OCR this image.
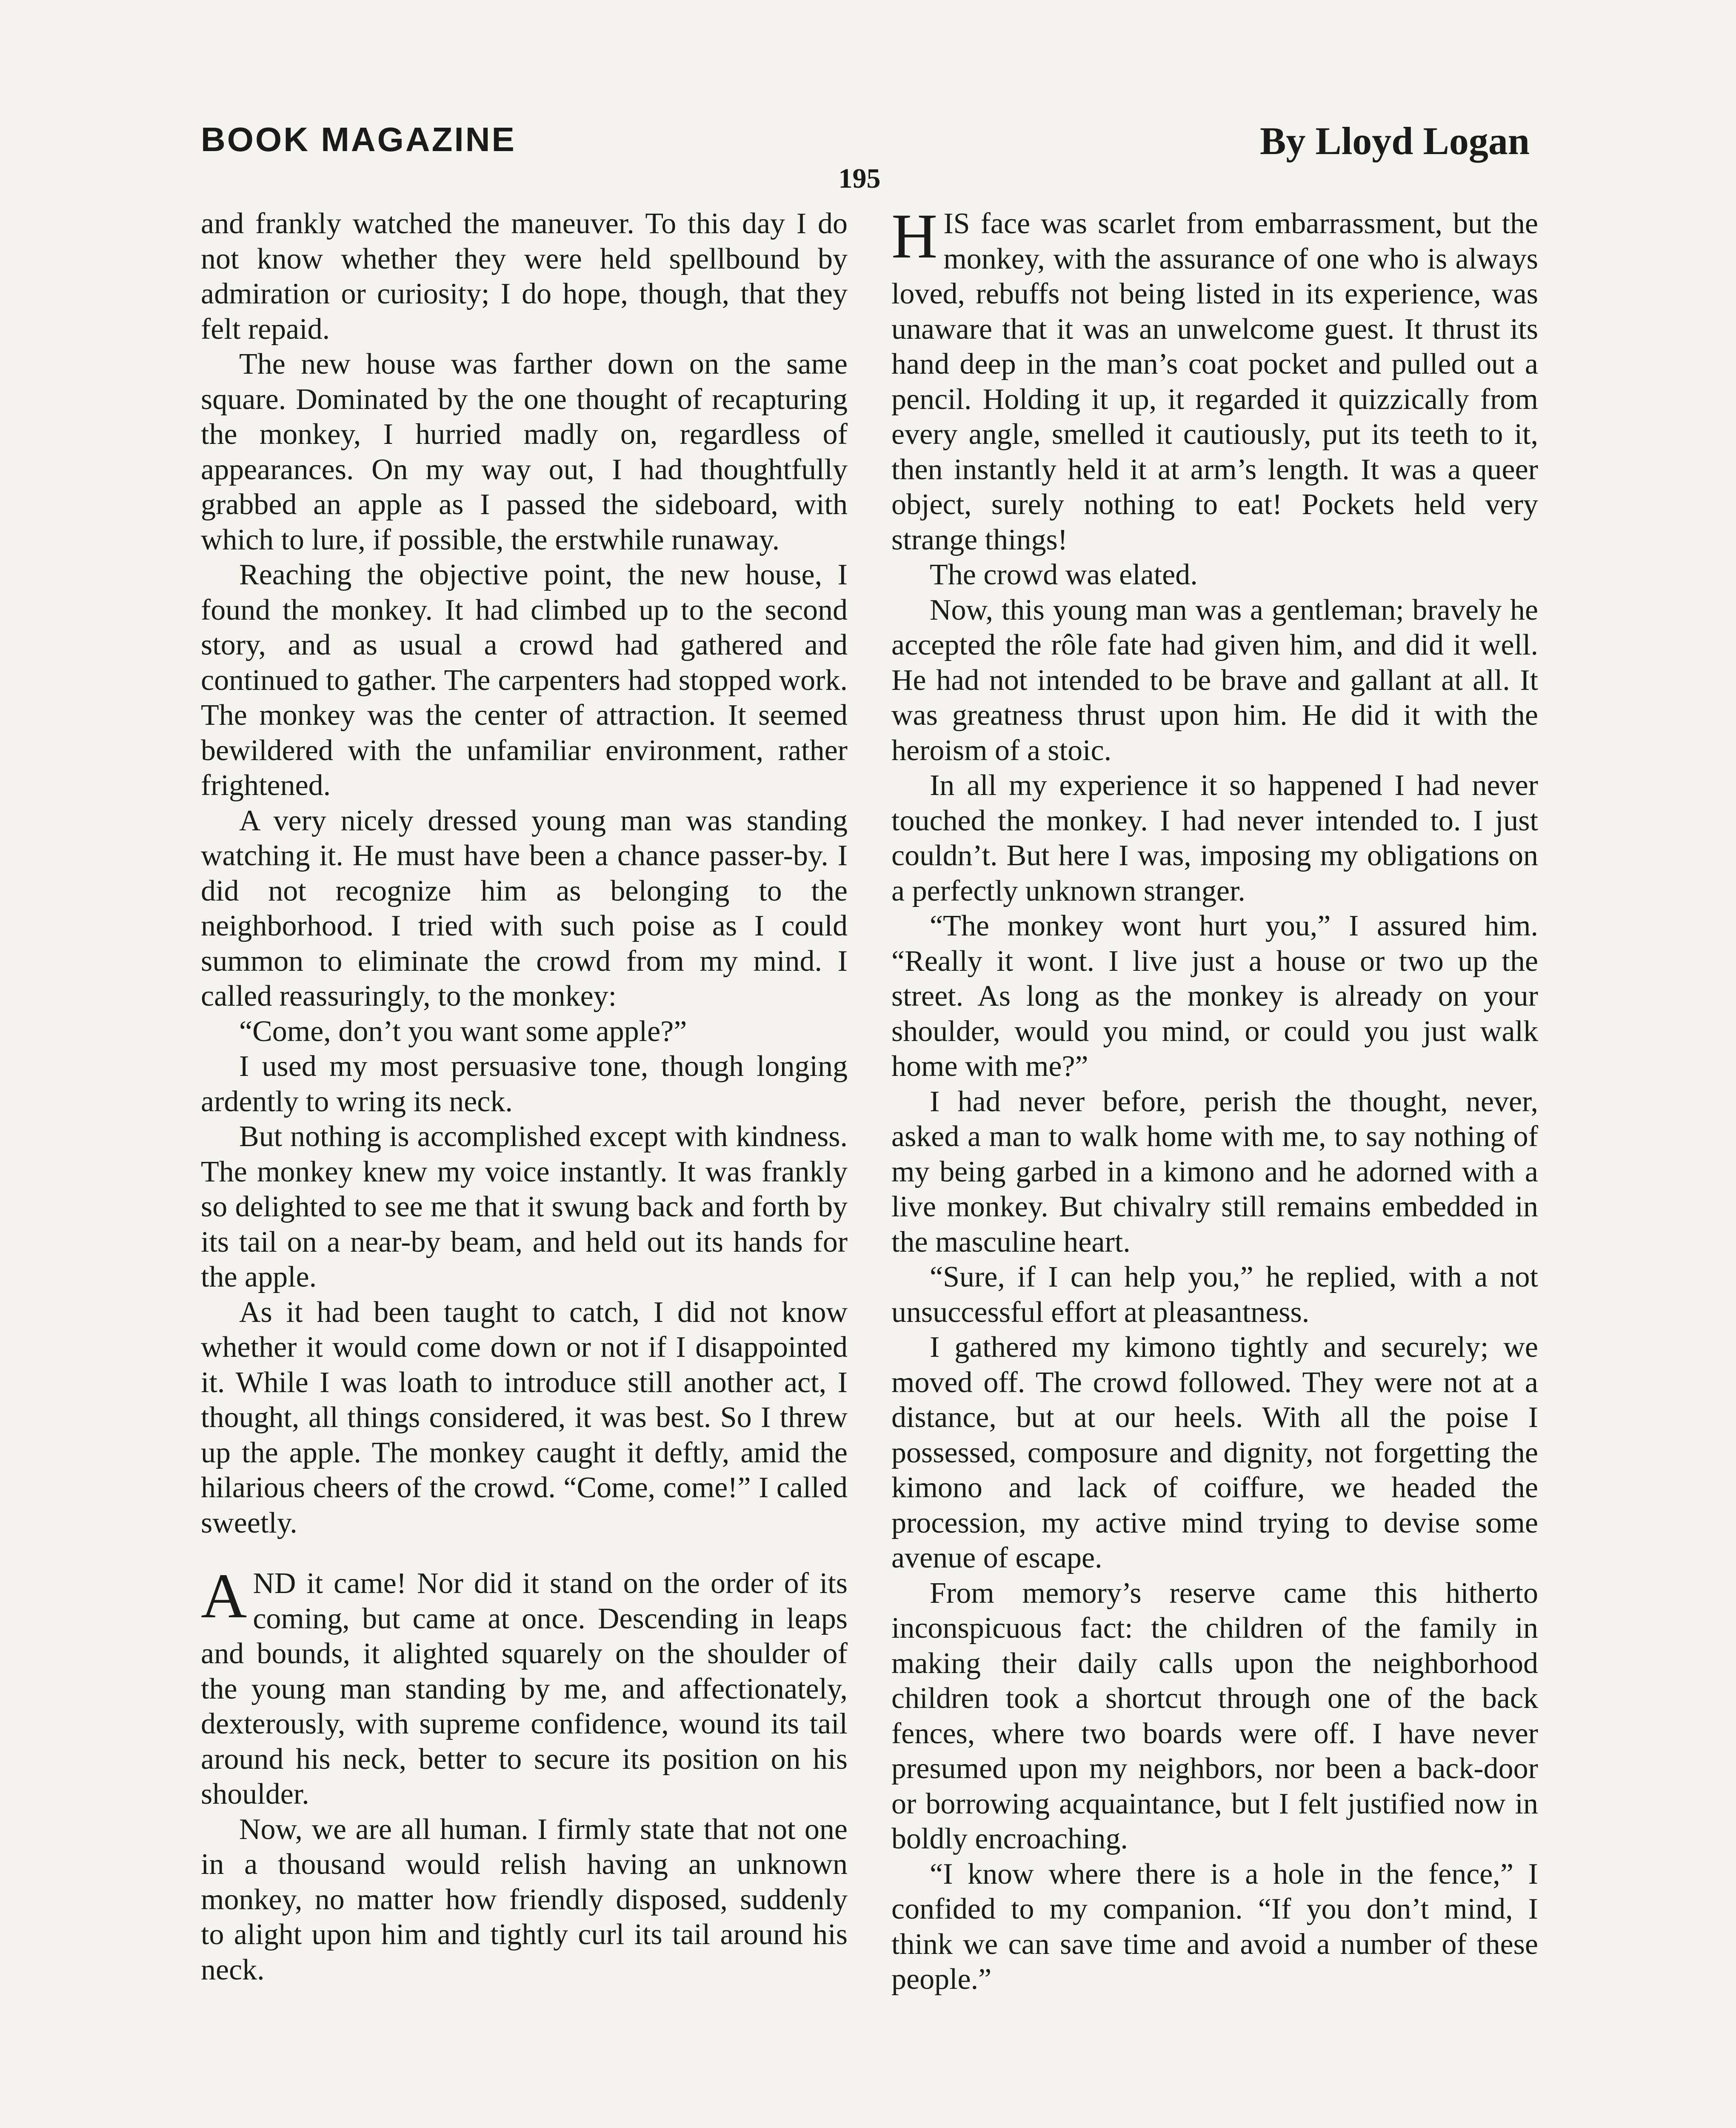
BOOK MAGAZINE	By Lloyd Logan
195

and frankly watched the maneuver. To this day I do not know whether they were held spellbound by admiration or curiosity; I do hope, though, that they felt repaid.

The new house was farther down on the same square. Dominated by the one thought of recapturing the monkey, I hurried madly on, regardless of appearances. On my way out, I had thoughtfully grabbed an apple as I passed the sideboard, with which to lure, if possible, the erstwhile runaway.

Reaching the objective point, the new house, I found the monkey. It had climbed up to the second story, and as usual a crowd had gathered and continued to gather. The carpenters had stopped work. The monkey was the center of attraction. It seemed bewildered with the unfamiliar environment, rather frightened.

A very nicely dressed young man was standing watching it. He must have been a chance passer-by. I did not recognize him as belonging to the neighborhood. I tried with such poise as I could summon to eliminate the crowd from my mind. I called reassuringly, to the monkey:

“Come, don’t you want some apple?”

I used my most persuasive tone, though longing ardently to wring its neck.

But nothing is accomplished except with kindness. The monkey knew my voice instantly. It was frankly so delighted to see me that it swung back and forth by its tail on a near-by beam, and held out its hands for the apple.

As it had been taught to catch, I did not know whether it would come down or not if I disappointed it. While I was loath to introduce still another act, I thought, all things considered, it was best. So I threw up the apple. The monkey caught it deftly, amid the hilarious cheers of the crowd. “Come, come!” I called sweetly.

AND it came! Nor did it stand on the order of its coming, but came at once. Descending in leaps and bounds, it alighted squarely on the shoulder of the young man standing by me, and affectionately, dexterously, with supreme confidence, wound its tail around his neck, better to secure its position on his shoulder.

Now, we are all human. I firmly state that not one in a thousand would relish having an unknown monkey, no matter how friendly disposed, suddenly to alight upon him and tightly curl its tail around his neck.

HIS face was scarlet from embarrassment, but the monkey, with the assurance of one who is always loved, rebuffs not being listed in its experience, was unaware that it was an unwelcome guest. It thrust its hand deep in the man’s coat pocket and pulled out a pencil. Holding it up, it regarded it quizzically from every angle, smelled it cautiously, put its teeth to it, then instantly held it at arm’s length. It was a queer object, surely nothing to eat! Pockets held very strange things!

The crowd was elated.

Now, this young man was a gentleman; bravely he accepted the rôle fate had given him, and did it well. He had not intended to be brave and gallant at all. It was greatness thrust upon him. He did it with the heroism of a stoic.

In all my experience it so happened I had never touched the monkey. I had never intended to. I just couldn’t. But here I was, imposing my obligations on a perfectly unknown stranger.

“The monkey wont hurt you,” I assured him. “Really it wont. I live just a house or two up the street. As long as the monkey is already on your shoulder, would you mind, or could you just walk home with me?”

I had never before, perish the thought, never, asked a man to walk home with me, to say nothing of my being garbed in a kimono and he adorned with a live monkey. But chivalry still remains embedded in the masculine heart.

“Sure, if I can help you,” he replied, with a not unsuccessful effort at pleasantness.

I gathered my kimono tightly and securely; we moved off. The crowd followed. They were not at a distance, but at our heels. With all the poise I possessed, composure and dignity, not forgetting the kimono and lack of coiffure, we headed the procession, my active mind trying to devise some avenue of escape.

From memory’s reserve came this hitherto inconspicuous fact: the children of the family in making their daily calls upon the neighborhood children took a shortcut through one of the back fences, where two boards were off. I have never presumed upon my neighbors, nor been a back-door or borrowing acquaintance, but I felt justified now in boldly encroaching.

“I know where there is a hole in the fence,” I confided to my companion. “If you don’t mind, I think we can save time and avoid a number of these people.”
